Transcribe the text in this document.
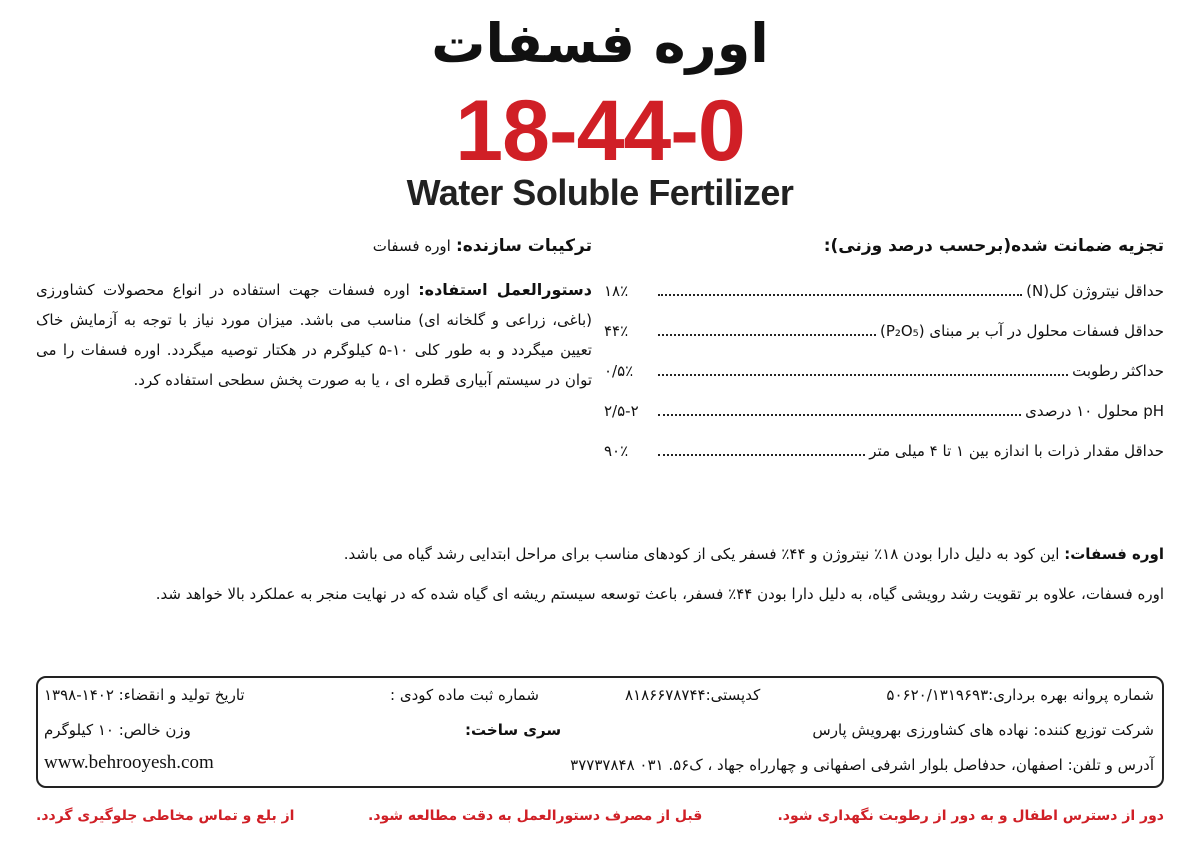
اوره فسفات
18-44-0
Water Soluble Fertilizer
تجزیه ضمانت شده(برحسب درصد وزنی):
حداقل نیتروژن کل(N)
۱۸٪
حداقل فسفات محلول در آب بر مبنای (P₂O₅)
۴۴٪
حداکثر رطوبت
۰/۵٪
pH محلول ۱۰ درصدی
۲/۵-۲
حداقل مقدار ذرات با اندازه بین ۱ تا ۴ میلی متر
۹۰٪
ترکیبات سازنده: اوره فسفات
دستورالعمل استفاده: اوره فسفات جهت استفاده در انواع محصولات کشاورزی (باغی، زراعی و گلخانه ای) مناسب می باشد. میزان مورد نیاز با توجه به آزمایش خاک تعیین میگردد و به طور کلی ۱۰-۵ کیلوگرم در هکتار توصیه میگردد. اوره فسفات را می توان در سیستم آبیاری قطره ای ، یا به صورت پخش سطحی استفاده کرد.
اوره فسفات: این کود به دلیل دارا بودن ۱۸٪ نیتروژن و ۴۴٪ فسفر یکی از کودهای مناسب برای مراحل ابتدایی رشد گیاه می باشد.
اوره فسفات، علاوه بر تقویت رشد رویشی گیاه، به دلیل دارا بودن ۴۴٪ فسفر، باعث توسعه سیستم ریشه ای گیاه شده که در نهایت منجر به عملکرد بالا خواهد شد.
شماره پروانه بهره برداری:۵۰۶۲۰/۱۳۱۹۶۹۳
کدپستی:۸۱۸۶۶۷۸۷۴۴
شماره ثبت ماده کودی :
تاریخ تولید و انقضاء: ۱۴۰۲-۱۳۹۸
شرکت توزیع کننده: نهاده های کشاورزی بهرویش پارس
سری ساخت:
وزن خالص: ۱۰ کیلوگرم
آدرس و تلفن: اصفهان، حدفاصل بلوار اشرفی اصفهانی و چهارراه جهاد ، ک۵۶. ۰۳۱ ۳۷۷۳۷۸۴۸
www.behrooyesh.com
دور از دسترس اطفال و به دور از رطوبت نگهداری شود.
قبل از مصرف دستورالعمل به دقت مطالعه شود.
از بلع و تماس مخاطی جلوگیری گردد.
